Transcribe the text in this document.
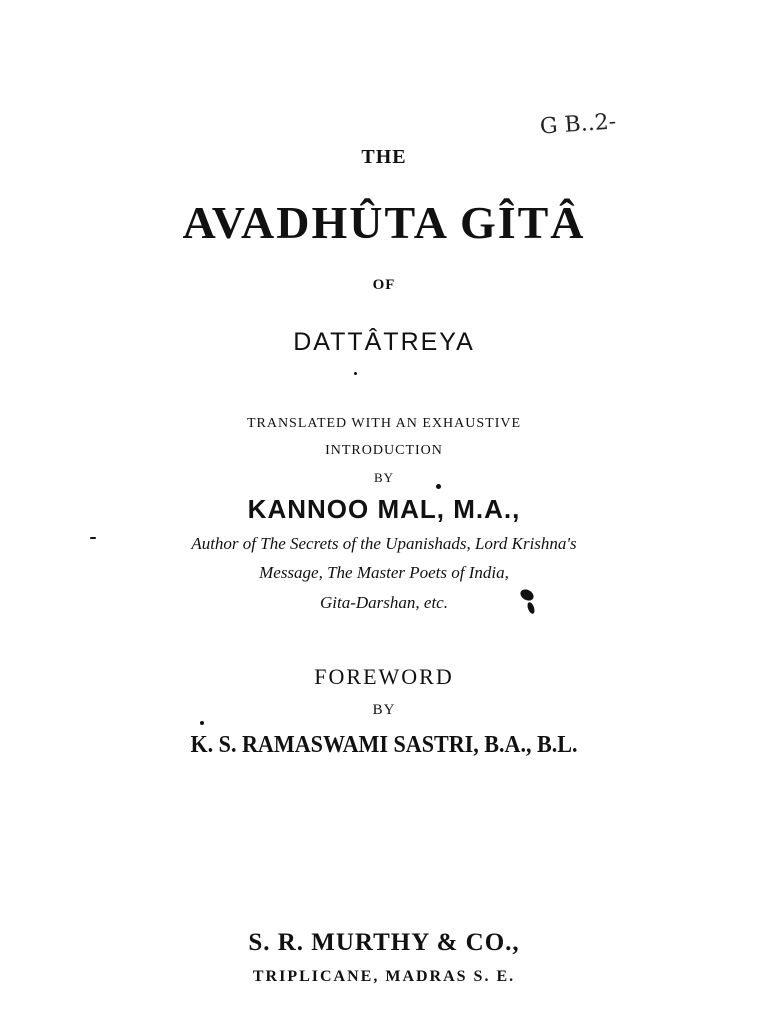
G B..2-
THE
AVADHÛTA GÎTÂ
OF
DATTÂTREYA
TRANSLATED WITH AN EXHAUSTIVE
INTRODUCTION
BY
KANNOO MAL, M.A.,
Author of The Secrets of the Upanishads, Lord Krishna's
Message, The Master Poets of India,
Gita-Darshan, etc.
FOREWORD
BY
K. S. RAMASWAMI SASTRI, B.A., B.L.
S. R. MURTHY & CO.,
TRIPLICANE, MADRAS S. E.
